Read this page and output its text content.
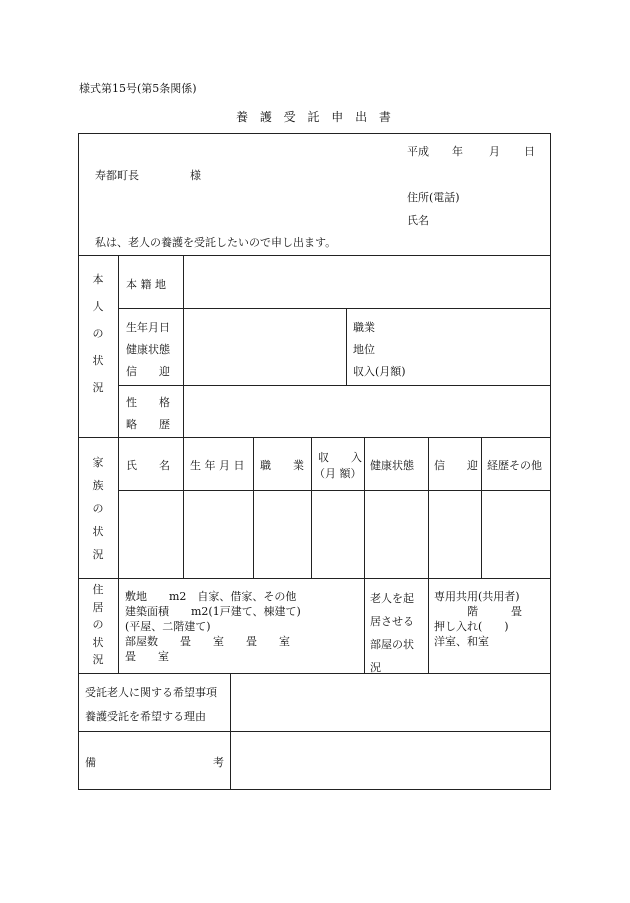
様式第15号(第5条関係)
養 護 受 託 申 出 書
平成 年 月 日
寿都町長	様
住所(電話)
氏名
私は、老人の養護を受託したいので申し出ます。
本
人
の
状
況
本 籍 地
生年月日
健康状態
信　　迎
職業
地位
収入(月額)
性　　格
略　　歴
家
族
の
状
況
氏　　名 生 年 月 日 職　　業
収　　入
（月 額）
健康状態 信　　迎 経歴その他
住
居
の
状
況
敷地　　m2　自家、借家、その他
建築面積　　m2(1戸建て、棟建て)
(平屋、二階建て)
部屋数　　畳　　室　　畳　　室
畳　　室
老人を起
居させる
部屋の状
況
専用共用(共用者)
　　　階　　　畳
押し入れ(　　)
洋室、和室
受託老人に関する希望事項
養護受託を希望する理由
備	考
